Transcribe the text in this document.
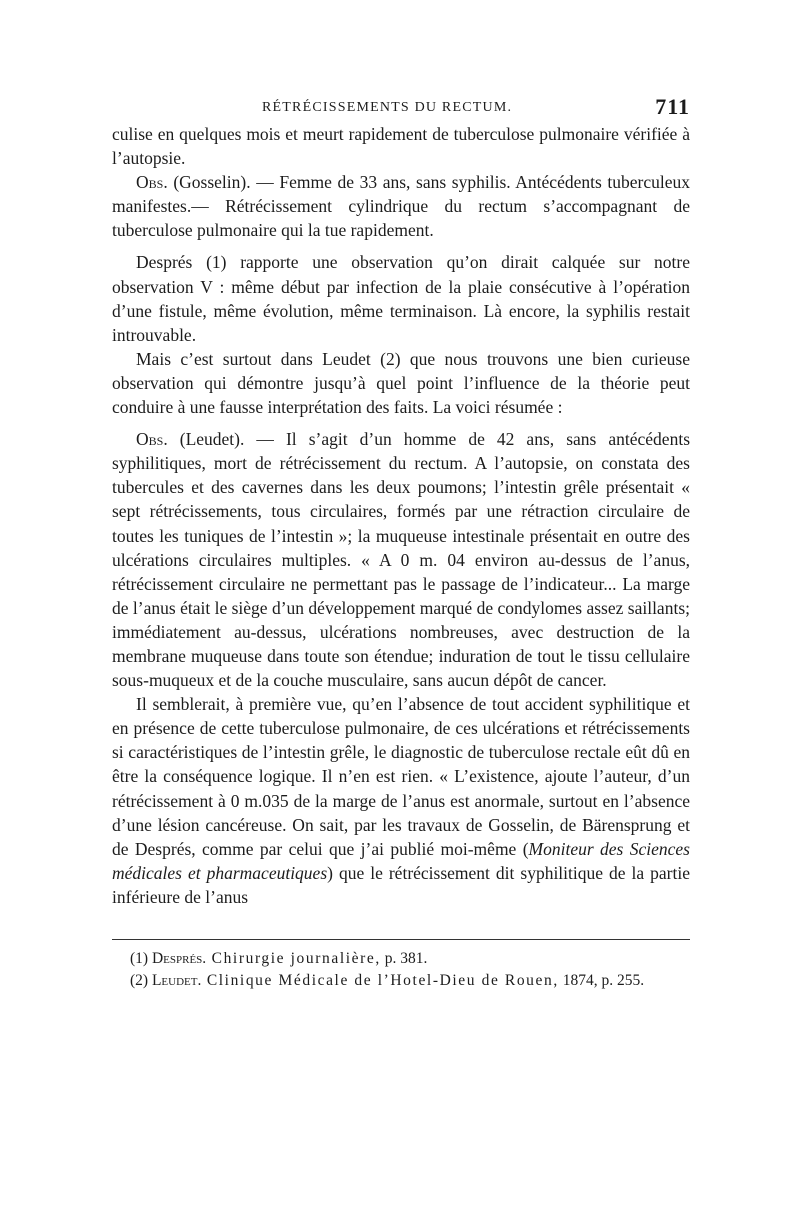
RÉTRÉCISSEMENTS DU RECTUM.	711

culise en quelques mois et meurt rapidement de tuberculose pulmonaire vérifiée à l’autopsie.

Obs. (Gosselin). — Femme de 33 ans, sans syphilis. Antécédents tuberculeux manifestes.— Rétrécissement cylindrique du rectum s’accompagnant de tuberculose pulmonaire qui la tue rapidement.

Després (1) rapporte une observation qu’on dirait calquée sur notre observation V : même début par infection de la plaie consécutive à l’opération d’une fistule, même évolution, même terminaison. Là encore, la syphilis restait introuvable.

Mais c’est surtout dans Leudet (2) que nous trouvons une bien curieuse observation qui démontre jusqu’à quel point l’influence de la théorie peut conduire à une fausse interprétation des faits. La voici résumée :

Obs. (Leudet). — Il s’agit d’un homme de 42 ans, sans antécédents syphilitiques, mort de rétrécissement du rectum. A l’autopsie, on constata des tubercules et des cavernes dans les deux poumons; l’intestin grêle présentait « sept rétrécissements, tous circulaires, formés par une rétraction circulaire de toutes les tuniques de l’intestin »; la muqueuse intestinale présentait en outre des ulcérations circulaires multiples. « A 0 m. 04 environ au-dessus de l’anus, rétrécissement circulaire ne permettant pas le passage de l’indicateur... La marge de l’anus était le siège d’un développement marqué de condylomes assez saillants; immédiatement au-dessus, ulcérations nombreuses, avec destruction de la membrane muqueuse dans toute son étendue; induration de tout le tissu cellulaire sous-muqueux et de la couche musculaire, sans aucun dépôt de cancer.

Il semblerait, à première vue, qu’en l’absence de tout accident syphilitique et en présence de cette tuberculose pulmonaire, de ces ulcérations et rétrécissements si caractéristiques de l’intestin grêle, le diagnostic de tuberculose rectale eût dû en être la conséquence logique. Il n’en est rien. « L’existence, ajoute l’auteur, d’un rétrécissement à 0 m.035 de la marge de l’anus est anormale, surtout en l’absence d’une lésion cancéreuse. On sait, par les travaux de Gosselin, de Bärensprung et de Després, comme par celui que j’ai publié moi-même (Moniteur des Sciences médicales et pharmaceutiques) que le rétrécissement dit syphilitique de la partie inférieure de l’anus

(1) Després. Chirurgie journalière, p. 381.

(2) Leudet. Clinique Médicale de l’Hotel-Dieu de Rouen, 1874, p. 255.
